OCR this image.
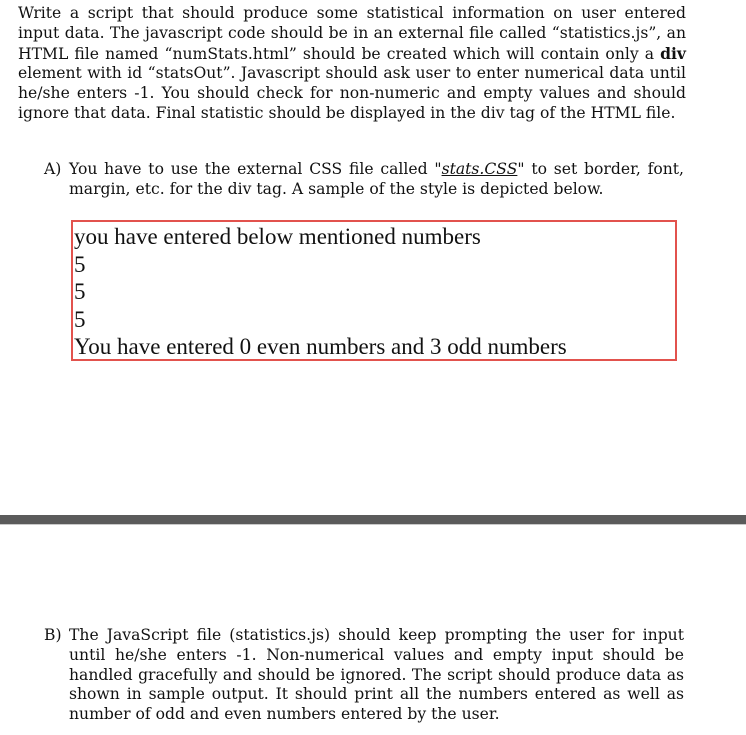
Write a script that should produce some statistical information on user entered input data. The javascript code should be in an external file called “statistics.js”, an HTML file named “numStats.html” should be created which will contain only a div element with id “statsOut”. Javascript should ask user to enter numerical data until he/she enters -1. You should check for non-numeric and empty values and should ignore that data. Final statistic should be displayed in the div tag of the HTML file.

A) You have to use the external CSS file called "stats.CSS" to set border, font, margin, etc. for the div tag. A sample of the style is depicted below.

you have entered below mentioned numbers
5
5
5
You have entered 0 even numbers and 3 odd numbers

B) The JavaScript file (statistics.js) should keep prompting the user for input until he/she enters -1. Non-numerical values and empty input should be handled gracefully and should be ignored. The script should produce data as shown in sample output. It should print all the numbers entered as well as number of odd and even numbers entered by the user.
